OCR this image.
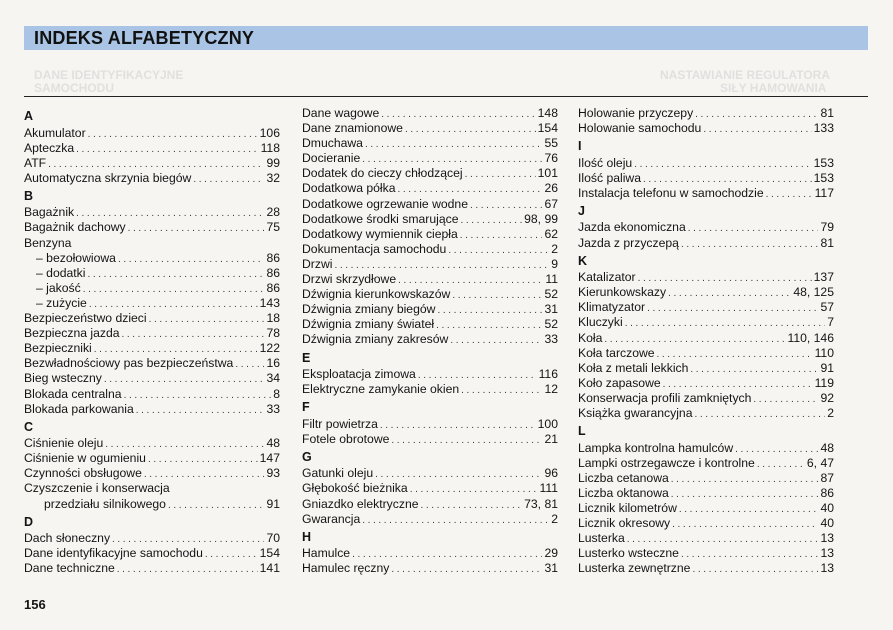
INDEKS ALFABETYCZNY
DANE IDENTYFIKACYJNE
SAMOCHODU
NASTAWIANIE REGULATORA
SIŁY HAMOWANIA
A
Akumulator .....	106
Apteczka .....	118
ATF .....	99
Automatyczna skrzynia biegów .....	32
B
Bagażnik .....	28
Bagażnik dachowy .....	75
Benzyna
– bezołowiowa .....	86
– dodatki .....	86
– jakość .....	86
– zużycie .....	143
Bezpieczeństwo dzieci .....	18
Bezpieczna jazda .....	78
Bezpieczniki .....	122
Bezwładnościowy pas bezpieczeństwa .....	16
Bieg wsteczny .....	34
Blokada centralna .....	8
Blokada parkowania .....	33
C
Ciśnienie oleju .....	48
Ciśnienie w ogumieniu .....	147
Czynności obsługowe .....	93
Czyszczenie i konserwacja
przedziału silnikowego .....	91
D
Dach słoneczny .....	70
Dane identyfikacyjne samochodu .....	154
Dane techniczne .....	141
Dane wagowe .....	148
Dane znamionowe .....	154
Dmuchawa .....	55
Docieranie .....	76
Dodatek do cieczy chłodzącej .....	101
Dodatkowa półka .....	26
Dodatkowe ogrzewanie wodne .....	67
Dodatkowe środki smarujące .....	98, 99
Dodatkowy wymiennik ciepła .....	62
Dokumentacja samochodu .....	2
Drzwi .....	9
Drzwi skrzydłowe .....	11
Dźwignia kierunkowskazów .....	52
Dźwignia zmiany biegów .....	31
Dźwignia zmiany świateł .....	52
Dźwignia zmiany zakresów .....	33
E
Eksploatacja zimowa .....	116
Elektryczne zamykanie okien .....	12
F
Filtr powietrza .....	100
Fotele obrotowe .....	21
G
Gatunki oleju .....	96
Głębokość bieżnika .....	111
Gniazdko elektryczne .....	73, 81
Gwarancja .....	2
H
Hamulce .....	29
Hamulec ręczny .....	31
Holowanie przyczepy .....	81
Holowanie samochodu .....	133
I
Ilość oleju .....	153
Ilość paliwa .....	153
Instalacja telefonu w samochodzie .....	117
J
Jazda ekonomiczna .....	79
Jazda z przyczepą .....	81
K
Katalizator .....	137
Kierunkowskazy .....	48, 125
Klimatyzator .....	57
Kluczyki .....	7
Koła .....	110, 146
Koła tarczowe .....	110
Koła z metali lekkich .....	91
Koło zapasowe .....	119
Konserwacja profili zamkniętych .....	92
Książka gwarancyjna .....	2
L
Lampka kontrolna hamulców .....	48
Lampki ostrzegawcze i kontrolne .....	6, 47
Liczba cetanowa .....	87
Liczba oktanowa .....	86
Licznik kilometrów .....	40
Licznik okresowy .....	40
Lusterka .....	13
Lusterko wsteczne .....	13
Lusterka zewnętrzne .....	13
156
